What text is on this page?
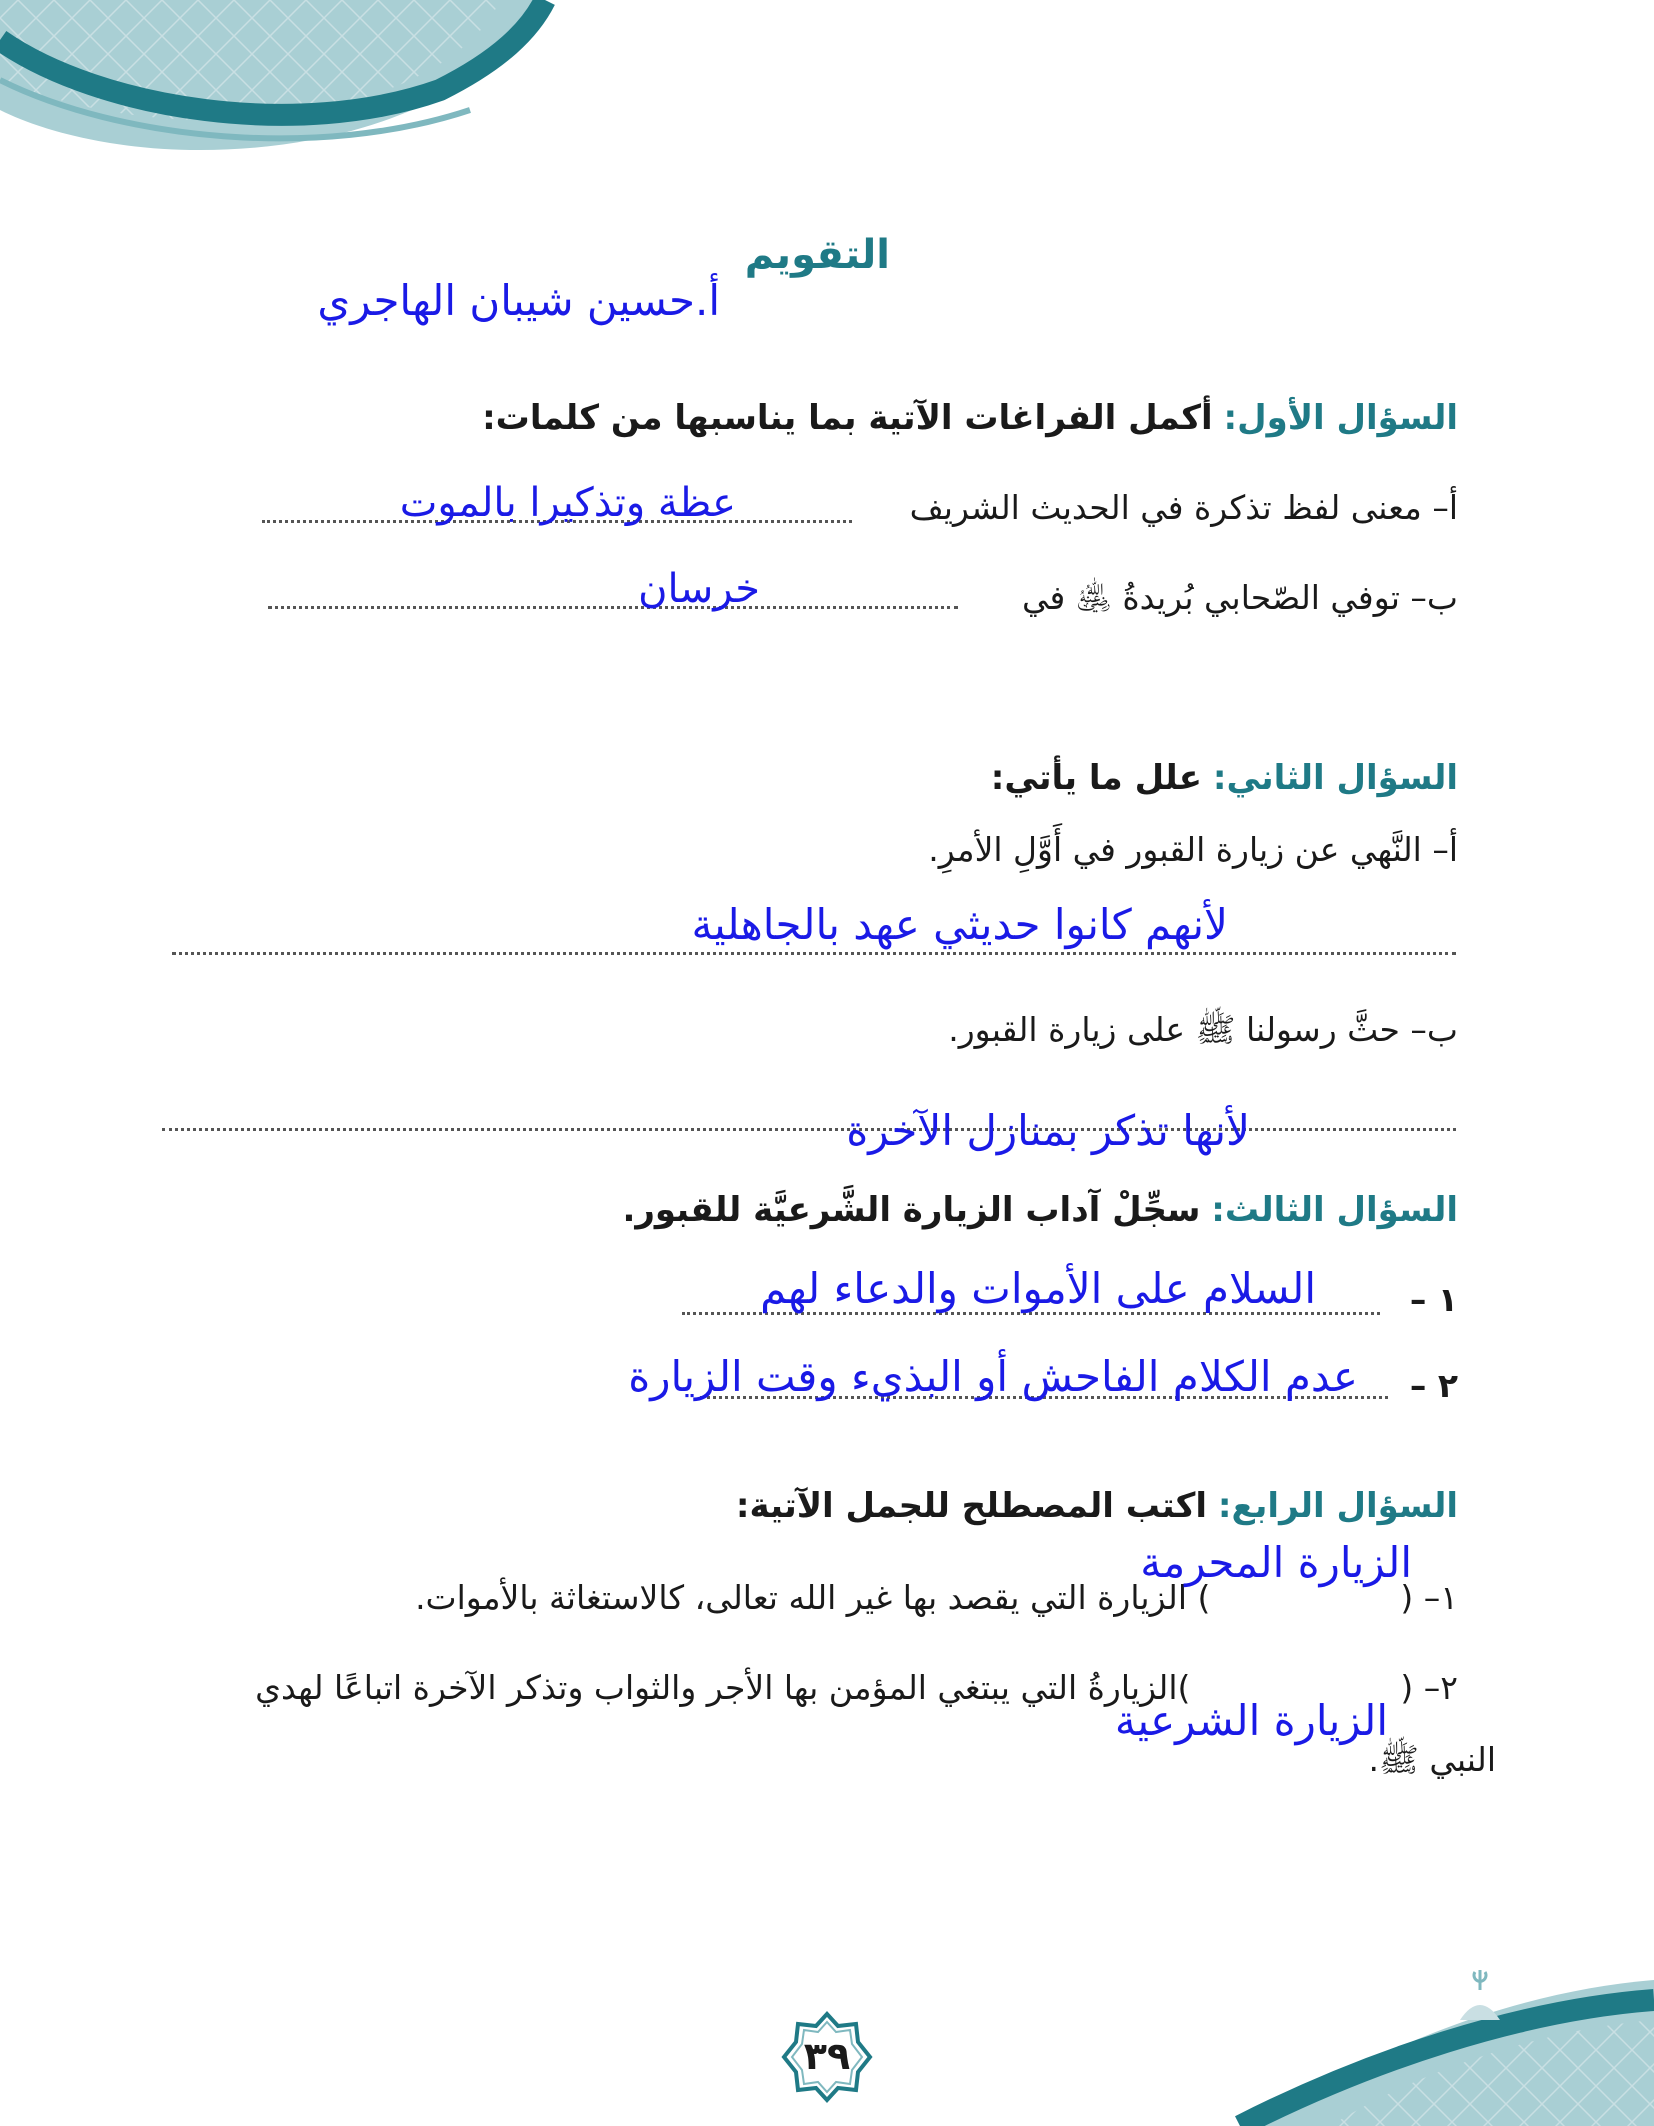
التقويم
أ.حسين شيبان الهاجري
السؤال الأول: أكمل الفراغات الآتية بما يناسبها من كلمات:
أ– معنى لفظ تذكرة في الحديث الشريف
عظة وتذكيرا بالموت
ب– توفي الصّحابي بُريدةُ ﵁ في
خرسان
السؤال الثاني: علل ما يأتي:
أ– النَّهي عن زيارة القبور في أَوَّلِ الأمرِ.
لأنهم كانوا حديثي عهد بالجاهلية
ب– حثَّ رسولنا ﷺ على زيارة القبور.
لأنها تذكر بمنازل الآخرة
السؤال الثالث: سجِّلْ آداب الزيارة الشَّرعيَّة للقبور.
١ –
السلام على الأموات والدعاء لهم
٢ –
عدم الكلام الفاحش أو البذيء وقت الزيارة
السؤال الرابع: اكتب المصطلح للجمل الآتية:
١– () الزيارة التي يقصد بها غير الله تعالى، كالاستغاثة بالأموات.
الزيارة المحرمة
٢– ()الزيارةُ التي يبتغي المؤمن بها الأجر والثواب وتذكر الآخرة اتباعًا لهدي
النبي ﷺ.
الزيارة الشرعية
٣٩
